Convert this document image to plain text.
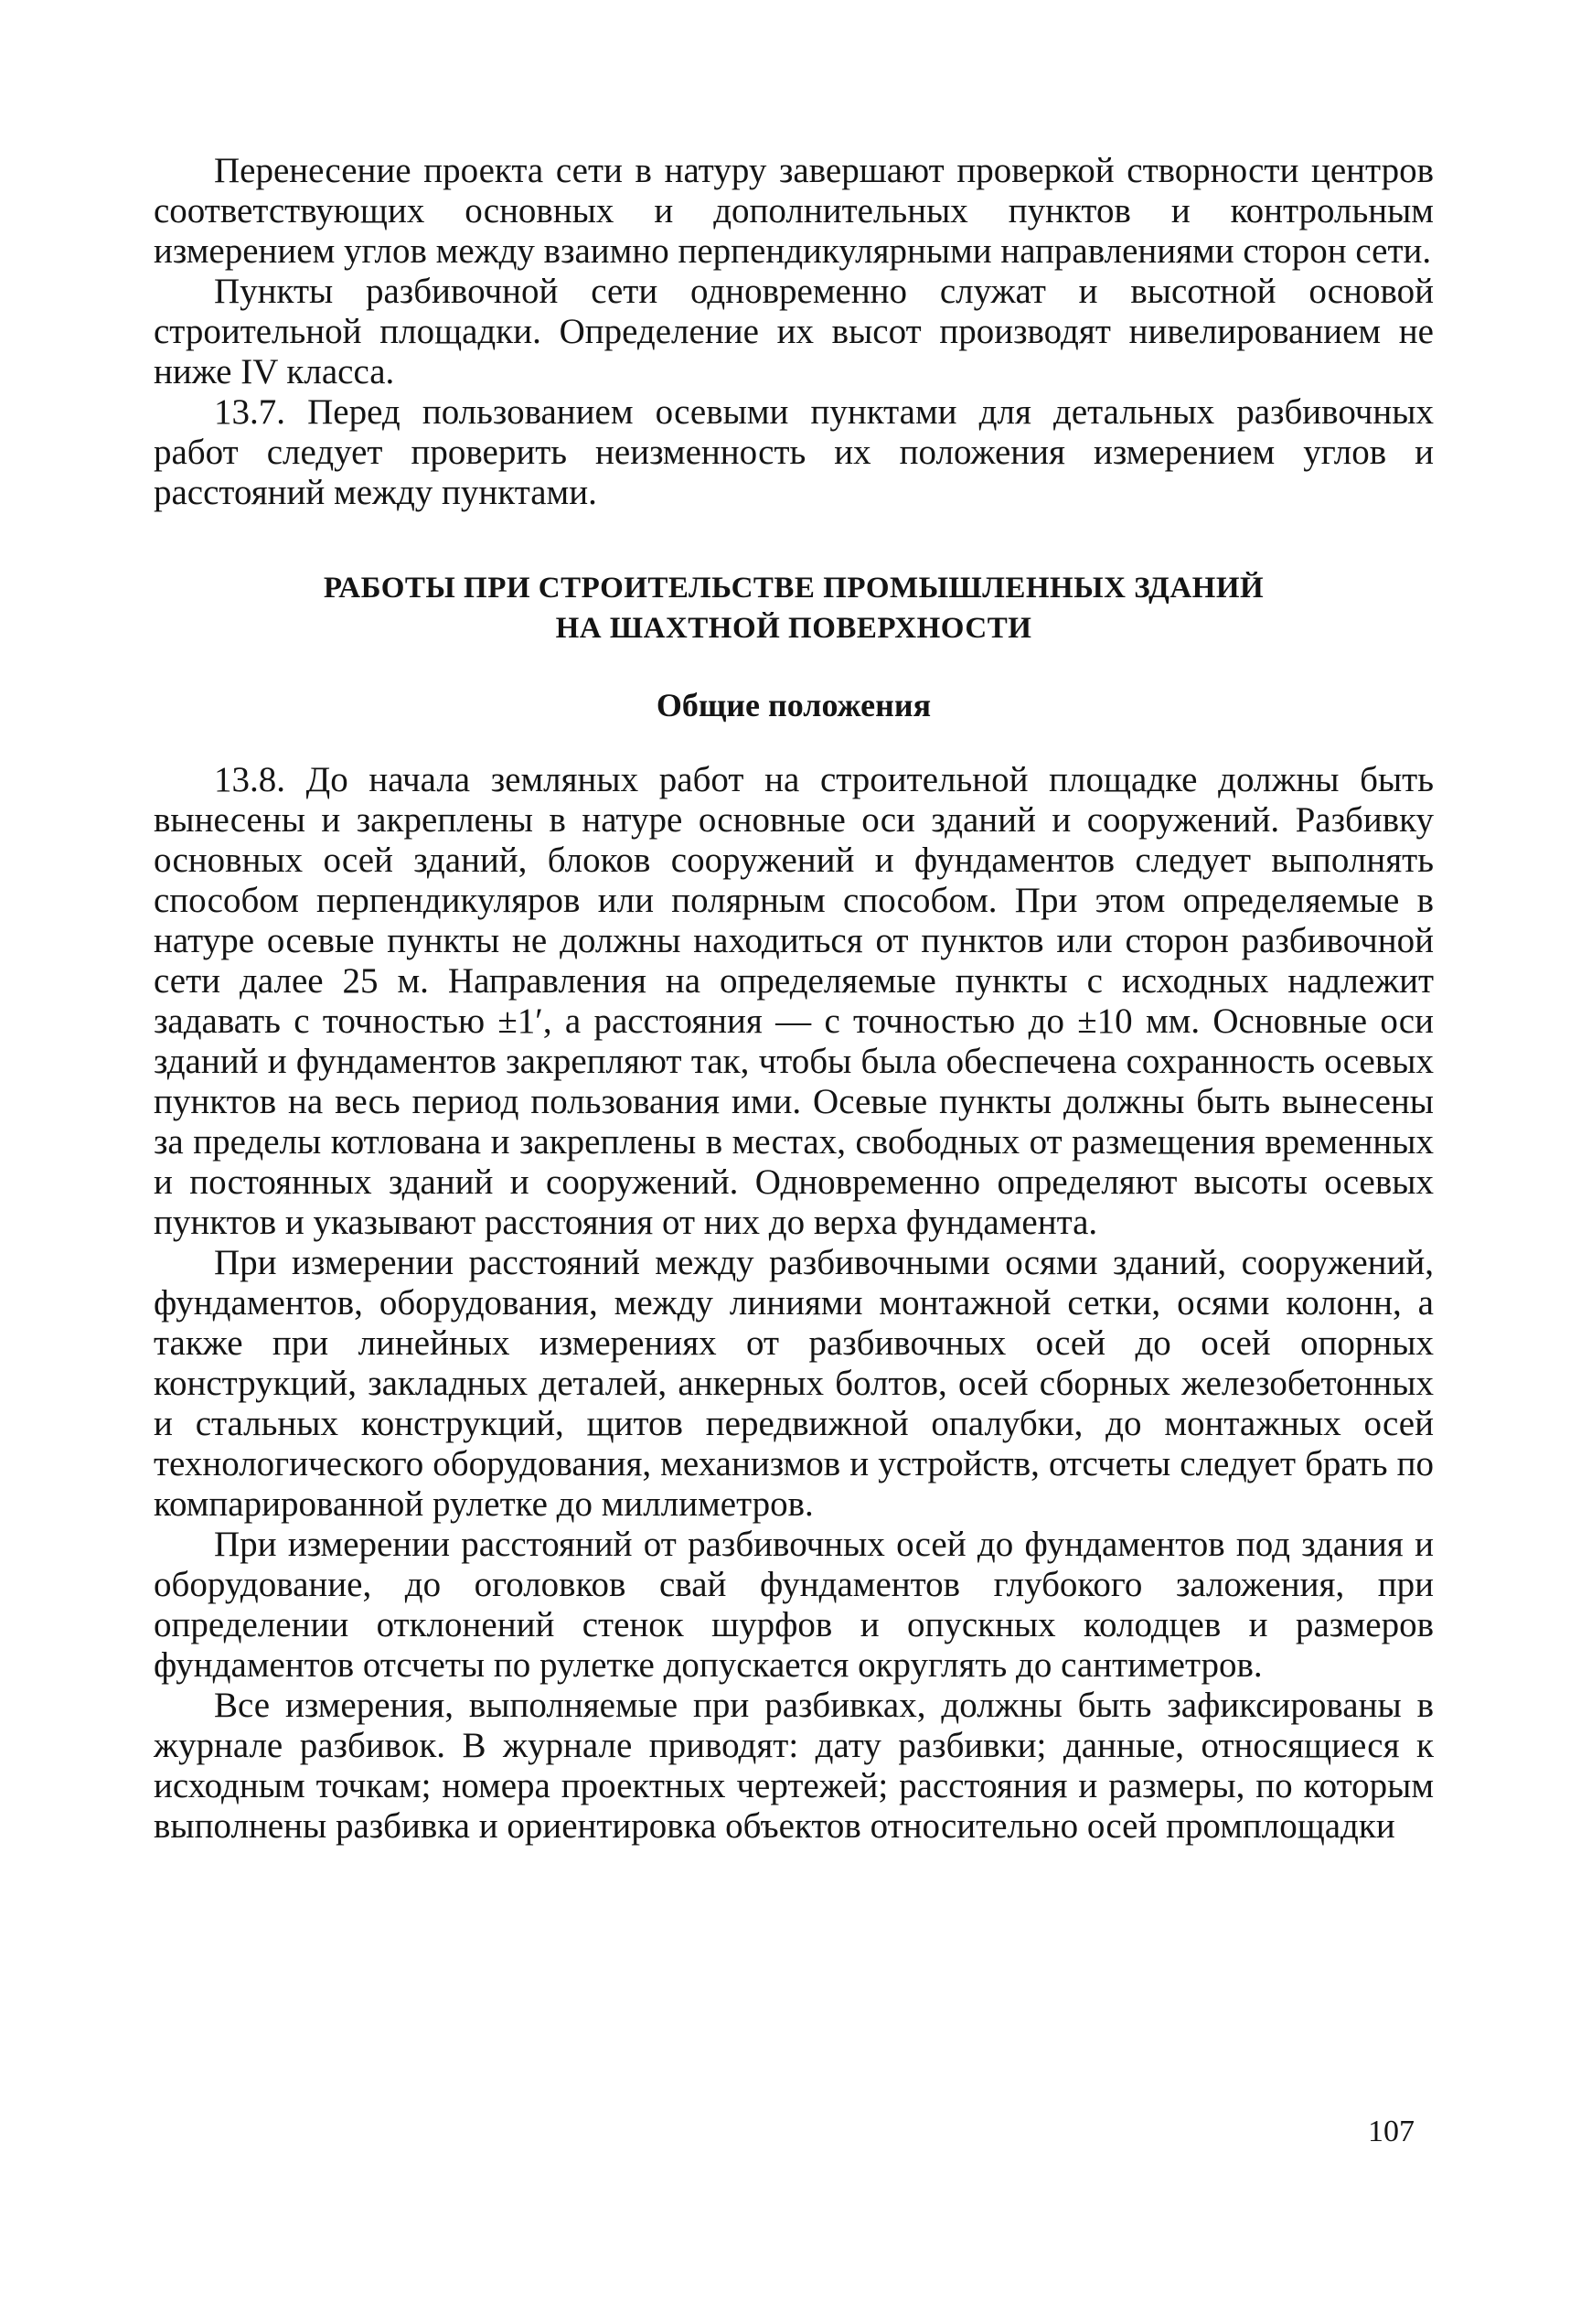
Перенесение проекта сети в натуру завершают проверкой створности центров соответствующих основных и дополнительных пунктов и контрольным измерением углов между взаимно перпендикулярными направлениями сторон сети.

Пункты разбивочной сети одновременно служат и высотной основой строительной площадки. Определение их высот производят нивелированием не ниже IV класса.

13.7. Перед пользованием осевыми пунктами для детальных разбивочных работ следует проверить неизменность их положения измерением углов и расстояний между пунктами.

РАБОТЫ ПРИ СТРОИТЕЛЬСТВЕ ПРОМЫШЛЕННЫХ ЗДАНИЙ
НА ШАХТНОЙ ПОВЕРХНОСТИ
Общие положения

13.8. До начала земляных работ на строительной площадке должны быть вынесены и закреплены в натуре основные оси зданий и сооружений. Разбивку основных осей зданий, блоков сооружений и фундаментов следует выполнять способом перпендикуляров или полярным способом. При этом определяемые в натуре осевые пункты не должны находиться от пунктов или сторон разбивочной сети далее 25 м. Направления на определяемые пункты с исходных надлежит задавать с точностью ±1′, а расстояния — с точностью до ±10 мм. Основные оси зданий и фундаментов закрепляют так, чтобы была обеспечена сохранность осевых пунктов на весь период пользования ими. Осевые пункты должны быть вынесены за пределы котлована и закреплены в местах, свободных от размещения временных и постоянных зданий и сооружений. Одновременно определяют высоты осевых пунктов и указывают расстояния от них до верха фундамента.

При измерении расстояний между разбивочными осями зданий, сооружений, фундаментов, оборудования, между линиями монтажной сетки, осями колонн, а также при линейных измерениях от разбивочных осей до осей опорных конструкций, закладных деталей, анкерных болтов, осей сборных железобетонных и стальных конструкций, щитов передвижной опалубки, до монтажных осей технологического оборудования, механизмов и устройств, отсчеты следует брать по компарированной рулетке до миллиметров.

При измерении расстояний от разбивочных осей до фундаментов под здания и оборудование, до оголовков свай фундаментов глубокого заложения, при определении отклонений стенок шурфов и опускных колодцев и размеров фундаментов отсчеты по рулетке допускается округлять до сантиметров.

Все измерения, выполняемые при разбивках, должны быть зафиксированы в журнале разбивок. В журнале приводят: дату разбивки; данные, относящиеся к исходным точкам; номера проектных чертежей; расстояния и размеры, по которым выполнены разбивка и ориентировка объектов относительно осей промплощадки

107
